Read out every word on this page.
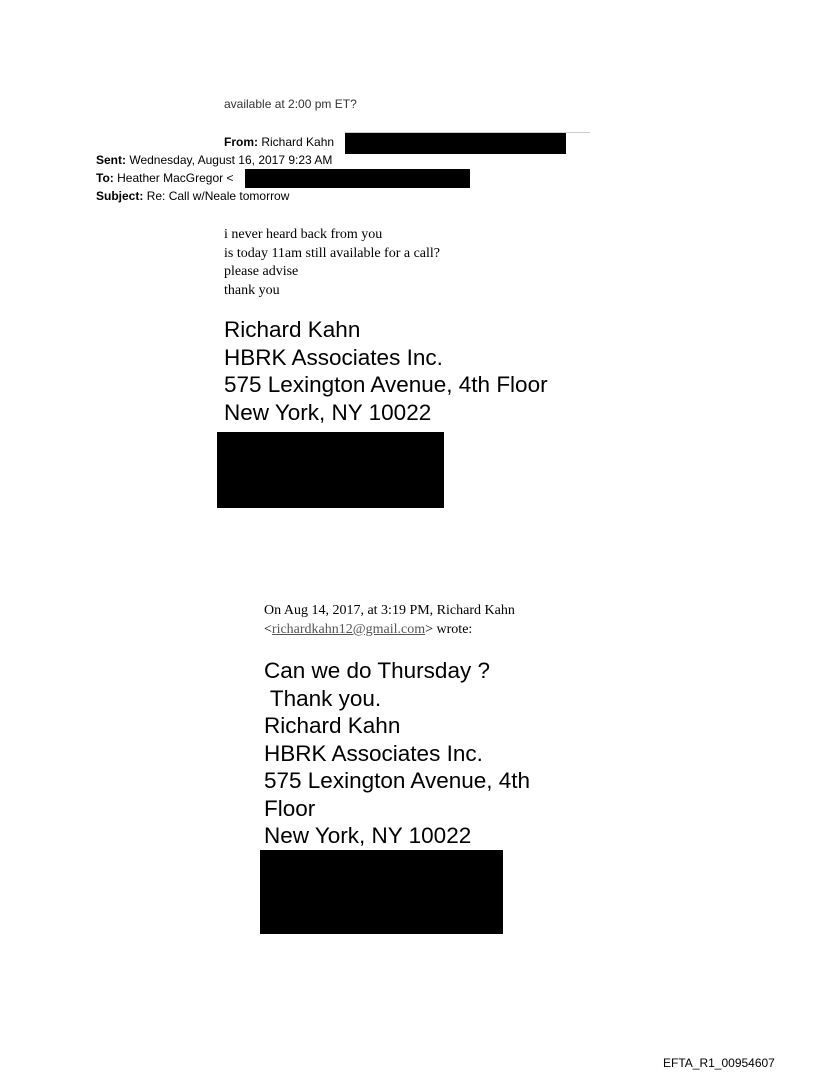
available at 2:00 pm ET?
From: Richard Kahn
Sent: Wednesday, August 16, 2017 9:23 AM
To: Heather MacGregor <
Subject: Re: Call w/Neale tomorrow
i never heard back from you
is today 11am still available for a call?
please advise
thank you
Richard Kahn
HBRK Associates Inc.
575 Lexington Avenue, 4th Floor
New York, NY 10022
On Aug 14, 2017, at 3:19 PM, Richard Kahn
<richardkahn12@gmail.com> wrote:
Can we do Thursday ?
Thank you.
Richard Kahn
HBRK Associates Inc.
575 Lexington Avenue, 4th
Floor
New York, NY 10022
EFTA_R1_00954607
